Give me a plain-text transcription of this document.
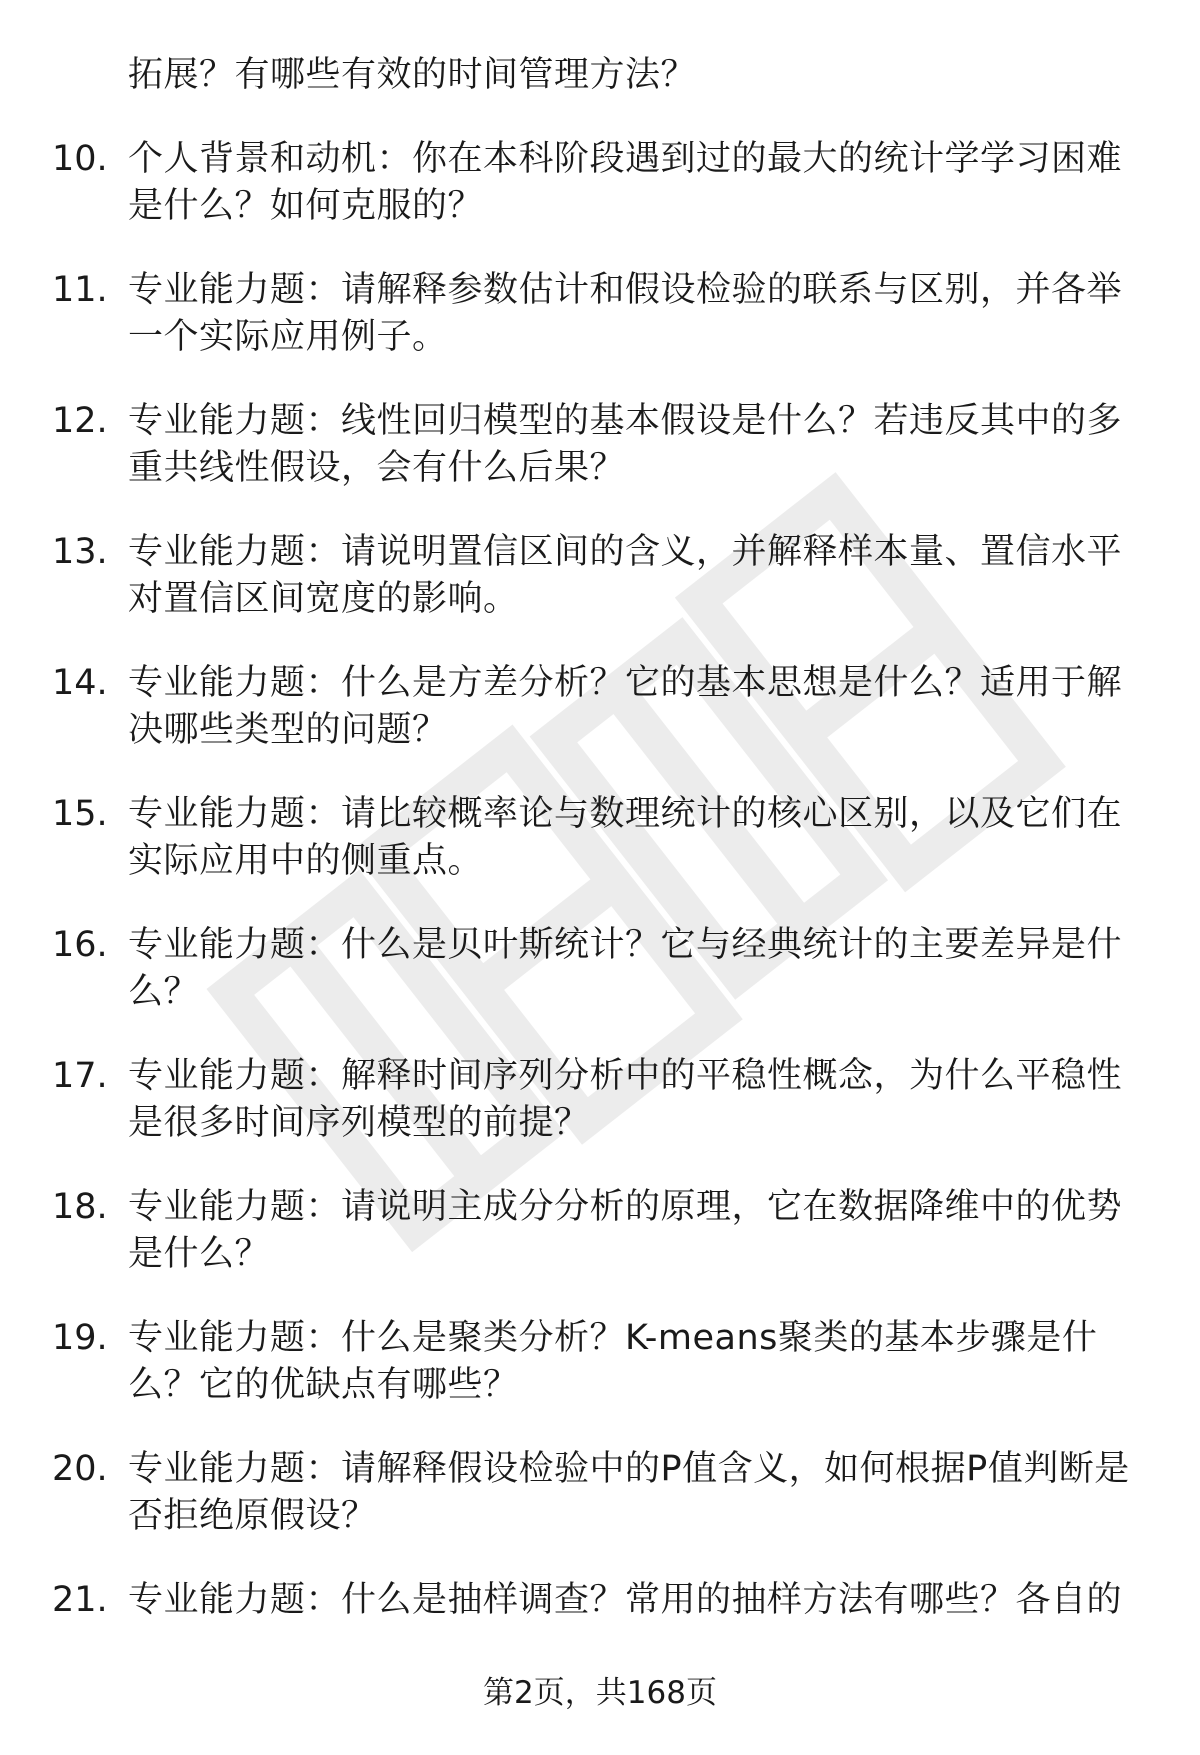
拓展？有哪些有效的时间管理方法？
10. 个人背景和动机：你在本科阶段遇到过的最大的统计学学习困难
是什么？如何克服的？
11. 专业能力题：请解释参数估计和假设检验的联系与区别，并各举
一个实际应用例子。
12. 专业能力题：线性回归模型的基本假设是什么？若违反其中的多
重共线性假设，会有什么后果？
13. 专业能力题：请说明置信区间的含义，并解释样本量、置信水平
对置信区间宽度的影响。
14. 专业能力题：什么是方差分析？它的基本思想是什么？适用于解
决哪些类型的问题？
15. 专业能力题：请比较概率论与数理统计的核心区别，以及它们在
实际应用中的侧重点。
16. 专业能力题：什么是贝叶斯统计？它与经典统计的主要差异是什
么？
17. 专业能力题：解释时间序列分析中的平稳性概念，为什么平稳性
是很多时间序列模型的前提？
18. 专业能力题：请说明主成分分析的原理，它在数据降维中的优势
是什么？
19. 专业能力题：什么是聚类分析？K-means聚类的基本步骤是什
么？它的优缺点有哪些？
20. 专业能力题：请解释假设检验中的P值含义，如何根据P值判断是
否拒绝原假设？
21. 专业能力题：什么是抽样调查？常用的抽样方法有哪些？各自的
第2页，共168页
